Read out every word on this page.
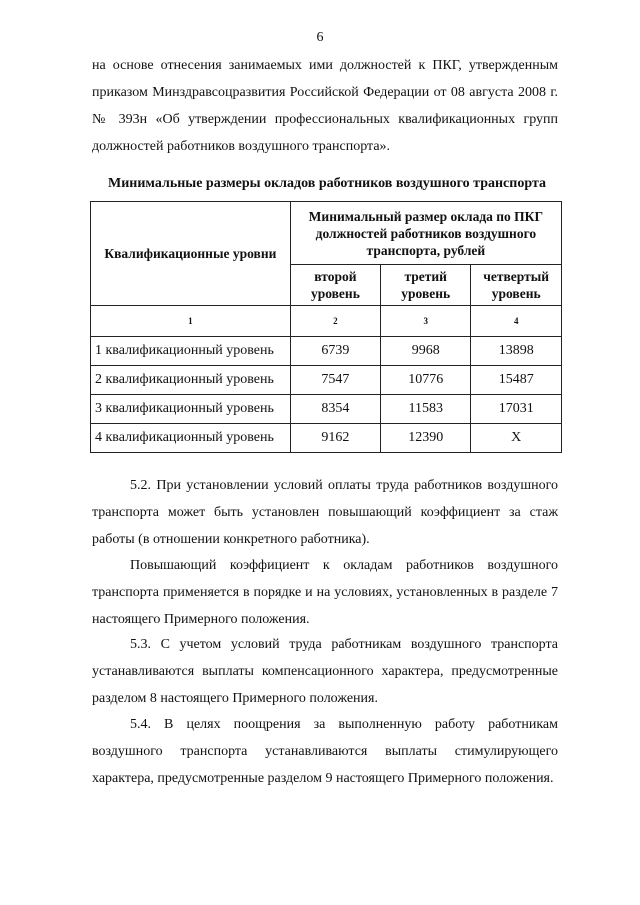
6
на основе отнесения занимаемых ими должностей к ПКГ, утвержденным приказом Минздравсоцразвития Российской Федерации от 08 августа 2008 г. № 393н «Об утверждении профессиональных квалификационных групп должностей работников воздушного транспорта».
Минимальные размеры окладов работников воздушного транспорта
Квалификационные уровни	Минимальный размер оклада по ПКГ должностей работников воздушного транспорта, рублей		
	второй уровень	третий уровень	четвертый уровень
1	2	3	4
1 квалификационный уровень	6739	9968	13898
2 квалификационный уровень	7547	10776	15487
3 квалификационный уровень	8354	11583	17031
4 квалификационный уровень	9162	12390	Х
5.2. При установлении условий оплаты труда работников воздушного транспорта может быть установлен повышающий коэффициент за стаж работы (в отношении конкретного работника).
Повышающий коэффициент к окладам работников воздушного транспорта применяется в порядке и на условиях, установленных в разделе 7 настоящего Примерного положения.
5.3. С учетом условий труда работникам воздушного транспорта устанавливаются выплаты компенсационного характера, предусмотренные разделом 8 настоящего Примерного положения.
5.4. В целях поощрения за выполненную работу работникам воздушного транспорта устанавливаются выплаты стимулирующего характера, предусмотренные разделом 9 настоящего Примерного положения.
